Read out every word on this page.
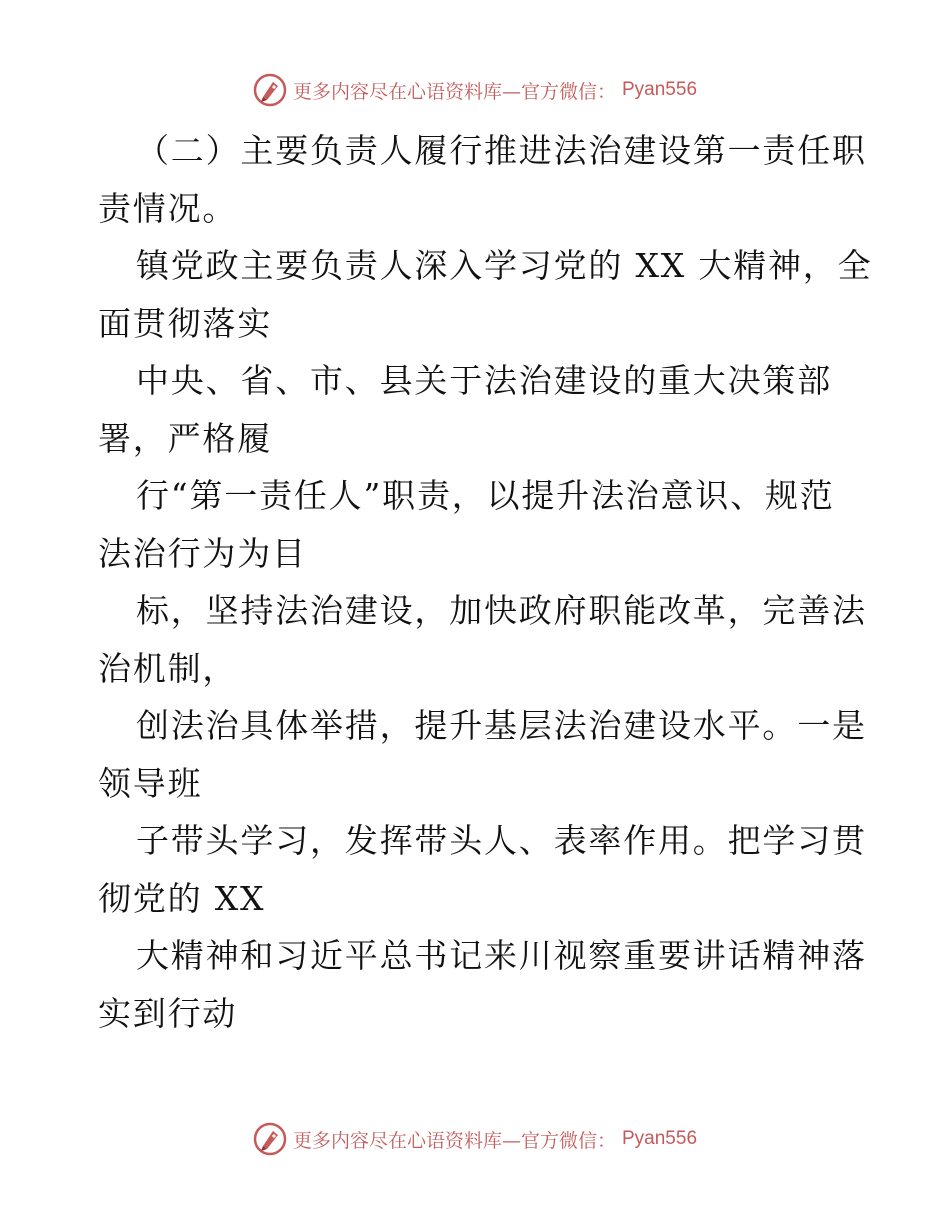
更多内容尽在心语资料库—官方微信： Pyan556
（二）主要负责人履行推进法治建设第一责任职
责情况。
镇党政主要负责人深入学习党的 XX 大精神，全
面贯彻落实
中央、省、市、县关于法治建设的重大决策部
署，严格履
行“第一责任人”职责，以提升法治意识、规范
法治行为为目
标，坚持法治建设，加快政府职能改革，完善法
治机制，
创法治具体举措，提升基层法治建设水平。一是
领导班
子带头学习，发挥带头人、表率作用。把学习贯
彻党的 XX
大精神和习近平总书记来川视察重要讲话精神落
实到行动
更多内容尽在心语资料库—官方微信： Pyan556
